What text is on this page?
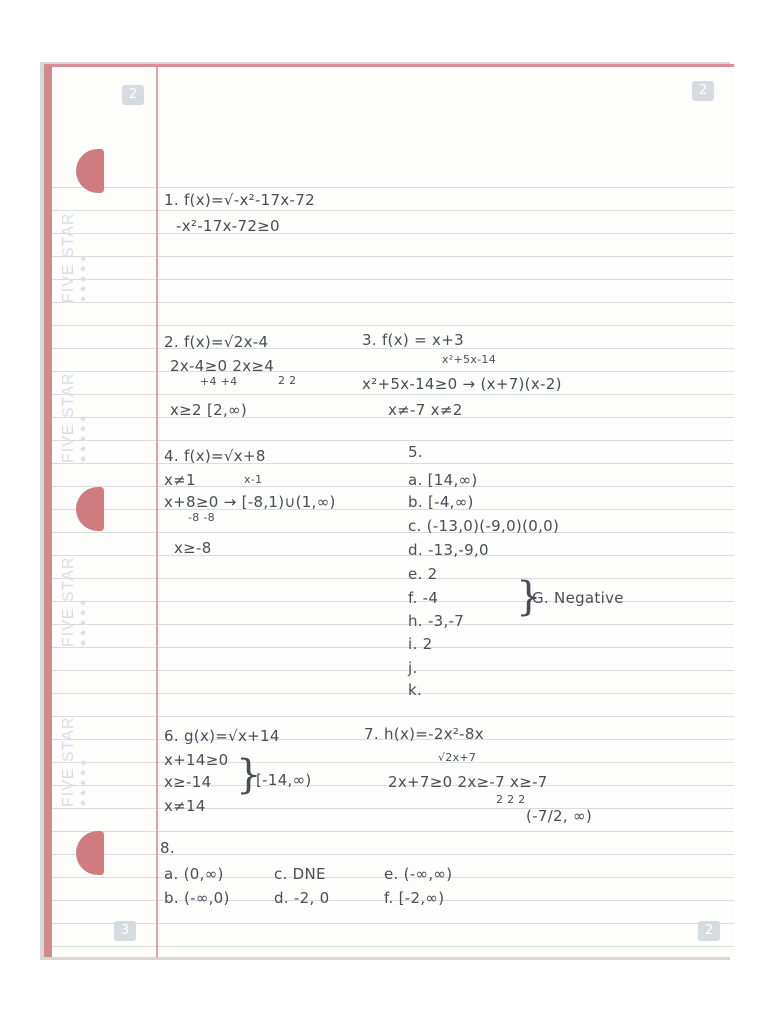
2	2
3	2
FIVE STAR ★★★★★
FIVE STAR ★★★★★
FIVE STAR ★★★★★
FIVE STAR ★★★★★
1. f(x)=√-x²-17x-72
-x²-17x-72≥0
2. f(x)=√2x-4
2x-4≥0 2x≥4
2 2
+4 +4
x≥2 [2,∞)
3. f(x) = x+3
x²+5x-14
x²+5x-14≥0 → (x+7)(x-2)
x≠-7 x≠2
4. f(x)=√x+8
x-1
x≠1
x+8≥0 → [-8,1)∪(1,∞)
-8 -8
x≥-8
5.
a. [14,∞)
b. [-4,∞)
c. (-13,0)(-9,0)(0,0)
d. -13,-9,0
e. 2
f. -4
h. -3,-7
i. 2
j.
k.
}
G. Negative
6. g(x)=√x+14
x+14≥0
x≥-14
x≠14
}
[-14,∞)
7. h(x)=-2x²-8x
√2x+7
2x+7≥0 2x≥-7 x≥-7
2 2 2
(-7/2, ∞)
8.
a. (0,∞)
b. (-∞,0)
c. DNE
d. -2, 0
e. (-∞,∞)
f. [-2,∞)
